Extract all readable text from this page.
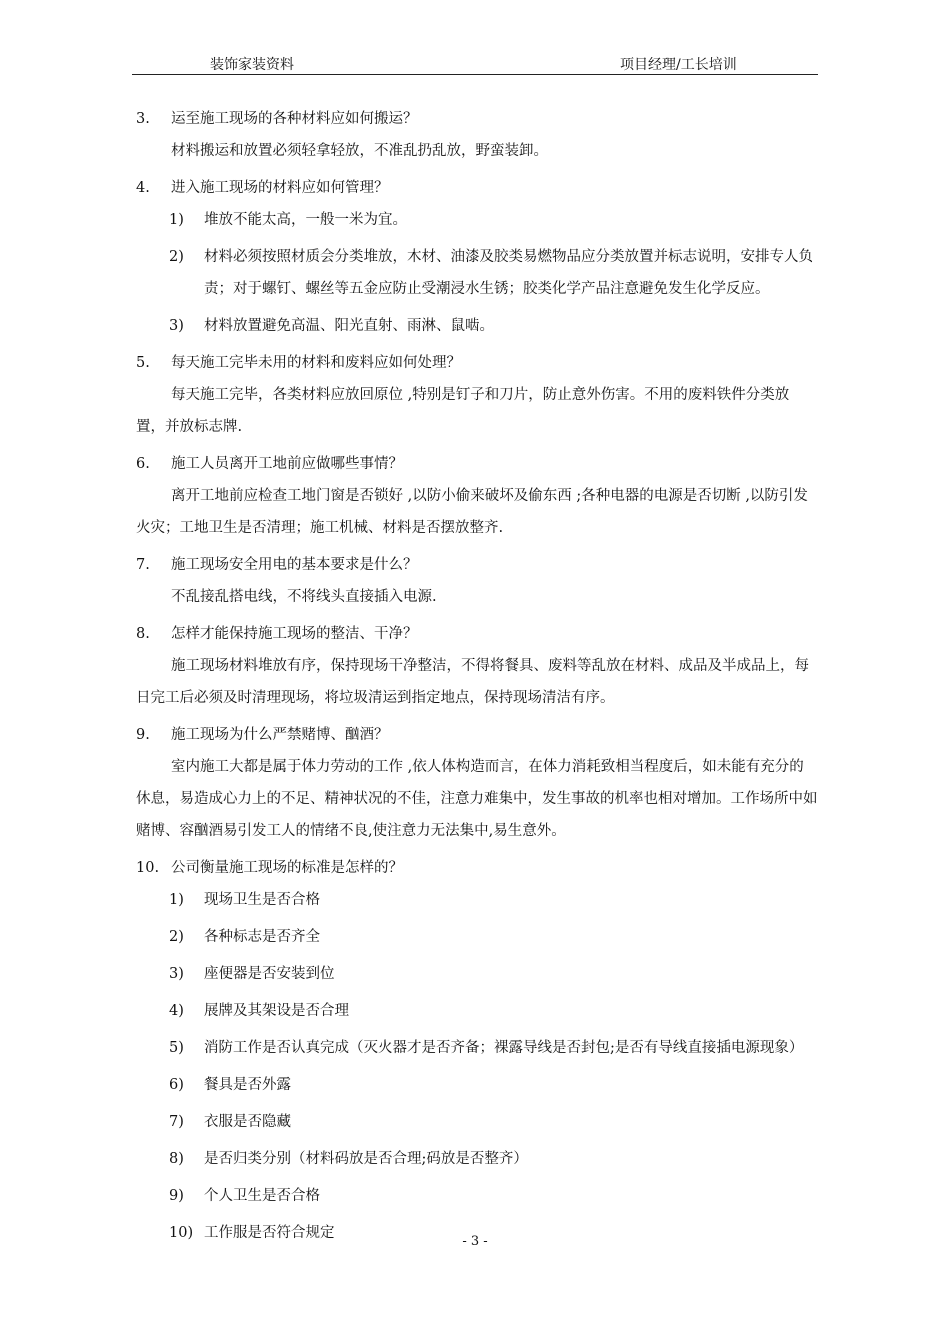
装饰家装资料	项目经理/工长培训
3. 运至施工现场的各种材料应如何搬运？
材料搬运和放置必须轻拿轻放，不准乱扔乱放，野蛮装卸。
4. 进入施工现场的材料应如何管理？
1) 堆放不能太高，一般一米为宜。
2) 材料必须按照材质会分类堆放，木材、油漆及胶类易燃物品应分类放置并标志说明，安排专人负责；对于螺钉、螺丝等五金应防止受潮浸水生锈；胶类化学产品注意避免发生化学反应。
3) 材料放置避免高温、阳光直射、雨淋、鼠啮。
5. 每天施工完毕未用的材料和废料应如何处理？
每天施工完毕，各类材料应放回原位 ,特别是钉子和刀片，防止意外伤害。不用的废料铁件分类放置，并放标志牌.
6. 施工人员离开工地前应做哪些事情？
离开工地前应检查工地门窗是否锁好 ,以防小偷来破坏及偷东西 ;各种电器的电源是否切断 ,以防引发火灾；工地卫生是否清理；施工机械、材料是否摆放整齐.
7. 施工现场安全用电的基本要求是什么？
不乱接乱搭电线，不将线头直接插入电源.
8. 怎样才能保持施工现场的整洁、干净？
施工现场材料堆放有序，保持现场干净整洁，不得将餐具、废料等乱放在材料、成品及半成品上，每日完工后必须及时清理现场，将垃圾清运到指定地点，保持现场清洁有序。
9. 施工现场为什么严禁赌博、酗酒？
室内施工大都是属于体力劳动的工作 ,依人体构造而言，在体力消耗致相当程度后，如未能有充分的休息，易造成心力上的不足、精神状况的不佳，注意力难集中，发生事故的机率也相对增加。工作场所中如赌博、容酗酒易引发工人的情绪不良,使注意力无法集中,易生意外。
10. 公司衡量施工现场的标准是怎样的？
1) 现场卫生是否合格
2) 各种标志是否齐全
3) 座便器是否安装到位
4) 展牌及其架设是否合理
5) 消防工作是否认真完成（灭火器才是否齐备；裸露导线是否封包;是否有导线直接插电源现象）
6) 餐具是否外露
7) 衣服是否隐藏
8) 是否归类分别（材料码放是否合理;码放是否整齐）
9) 个人卫生是否合格
10) 工作服是否符合规定
- 3 -
